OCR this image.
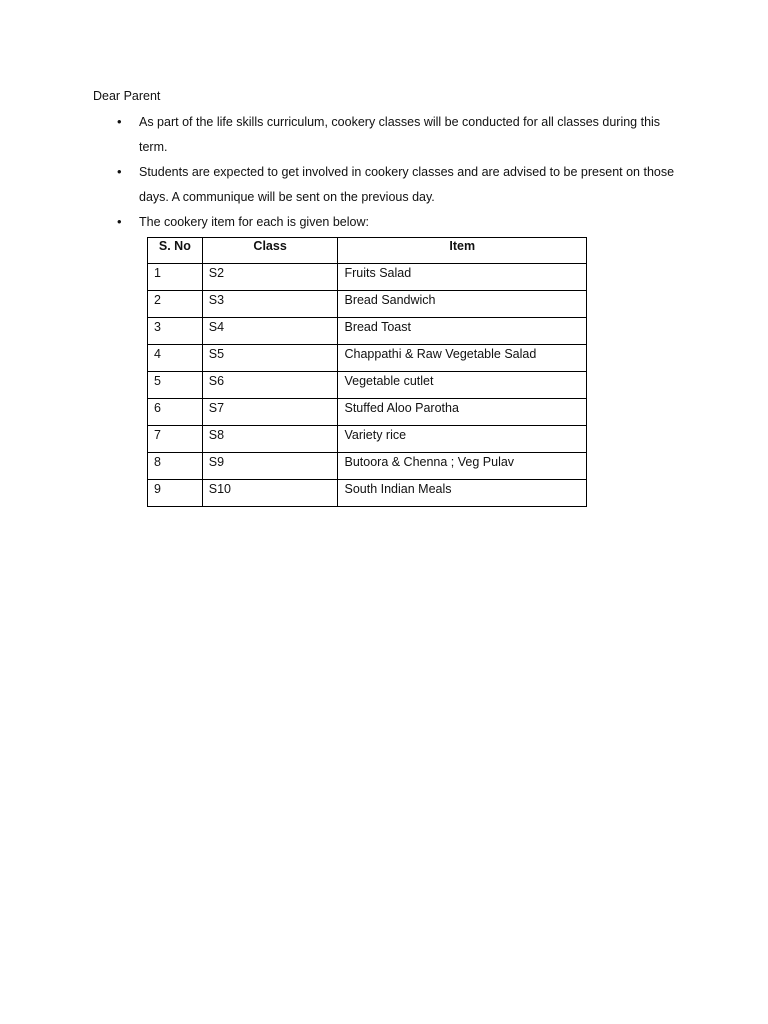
Dear Parent
• As part of the life skills curriculum, cookery classes will be conducted for all classes during this term.
• Students are expected to get involved in cookery classes and are advised to be present on those days. A communique will be sent on the previous day.
• The cookery item for each is given below:
S. No	Class	Item
1	S2	Fruits Salad
2	S3	Bread Sandwich
3	S4	Bread Toast
4	S5	Chappathi & Raw Vegetable Salad
5	S6	Vegetable cutlet
6	S7	Stuffed Aloo Parotha
7	S8	Variety rice
8	S9	Butoora & Chenna ; Veg Pulav
9	S10	South Indian Meals
